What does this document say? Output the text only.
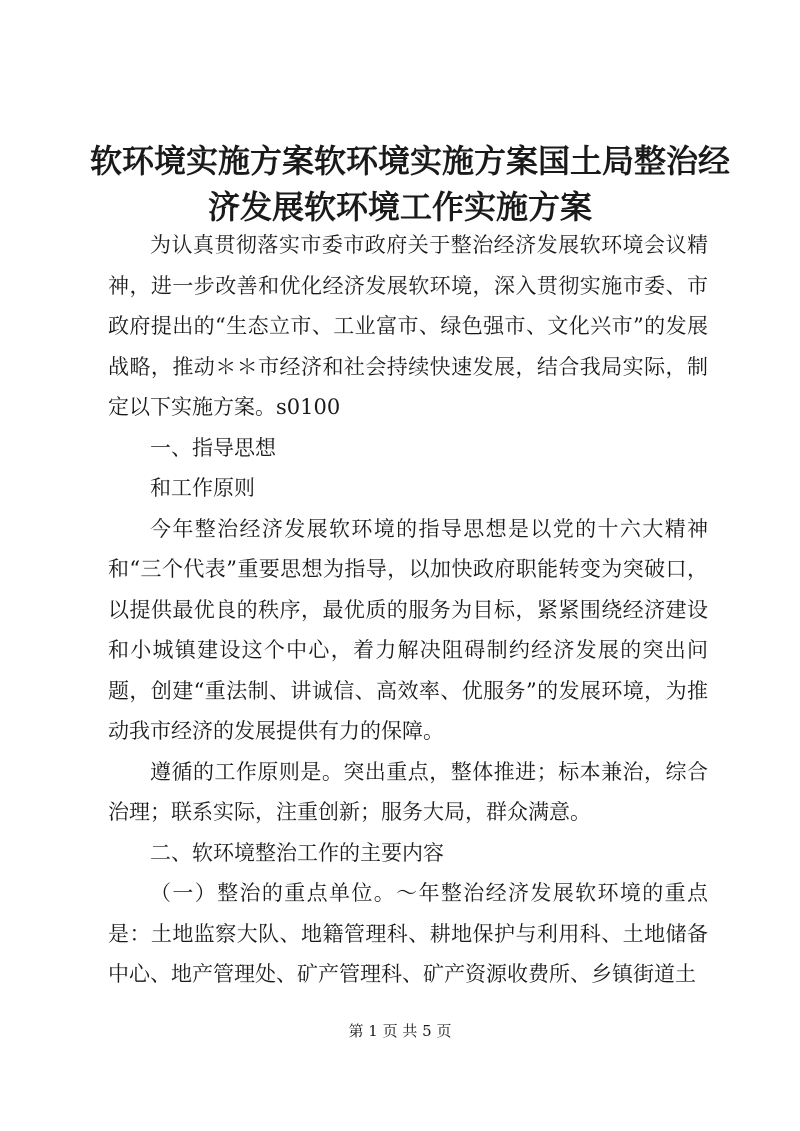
软环境实施方案软环境实施方案国土局整治经
济发展软环境工作实施方案

为认真贯彻落实市委市政府关于整治经济发展软环境会议精神，进一步改善和优化经济发展软环境，深入贯彻实施市委、市政府提出的“生态立市、工业富市、绿色强市、文化兴市”的发展战略，推动＊＊市经济和社会持续快速发展，结合我局实际，制定以下实施方案。s0100

一、指导思想

和工作原则

今年整治经济发展软环境的指导思想是以党的十六大精神和“三个代表”重要思想为指导，以加快政府职能转变为突破口，以提供最优良的秩序，最优质的服务为目标，紧紧围绕经济建设和小城镇建设这个中心，着力解决阻碍制约经济发展的突出问题，创建“重法制、讲诚信、高效率、优服务”的发展环境，为推动我市经济的发展提供有力的保障。

遵循的工作原则是。突出重点，整体推进；标本兼治，综合治理；联系实际，注重创新；服务大局，群众满意。

二、软环境整治工作的主要内容

（一）整治的重点单位。～年整治经济发展软环境的重点是：土地监察大队、地籍管理科、耕地保护与利用科、土地储备中心、地产管理处、矿产管理科、矿产资源收费所、乡镇街道土

第 1 页 共 5 页
